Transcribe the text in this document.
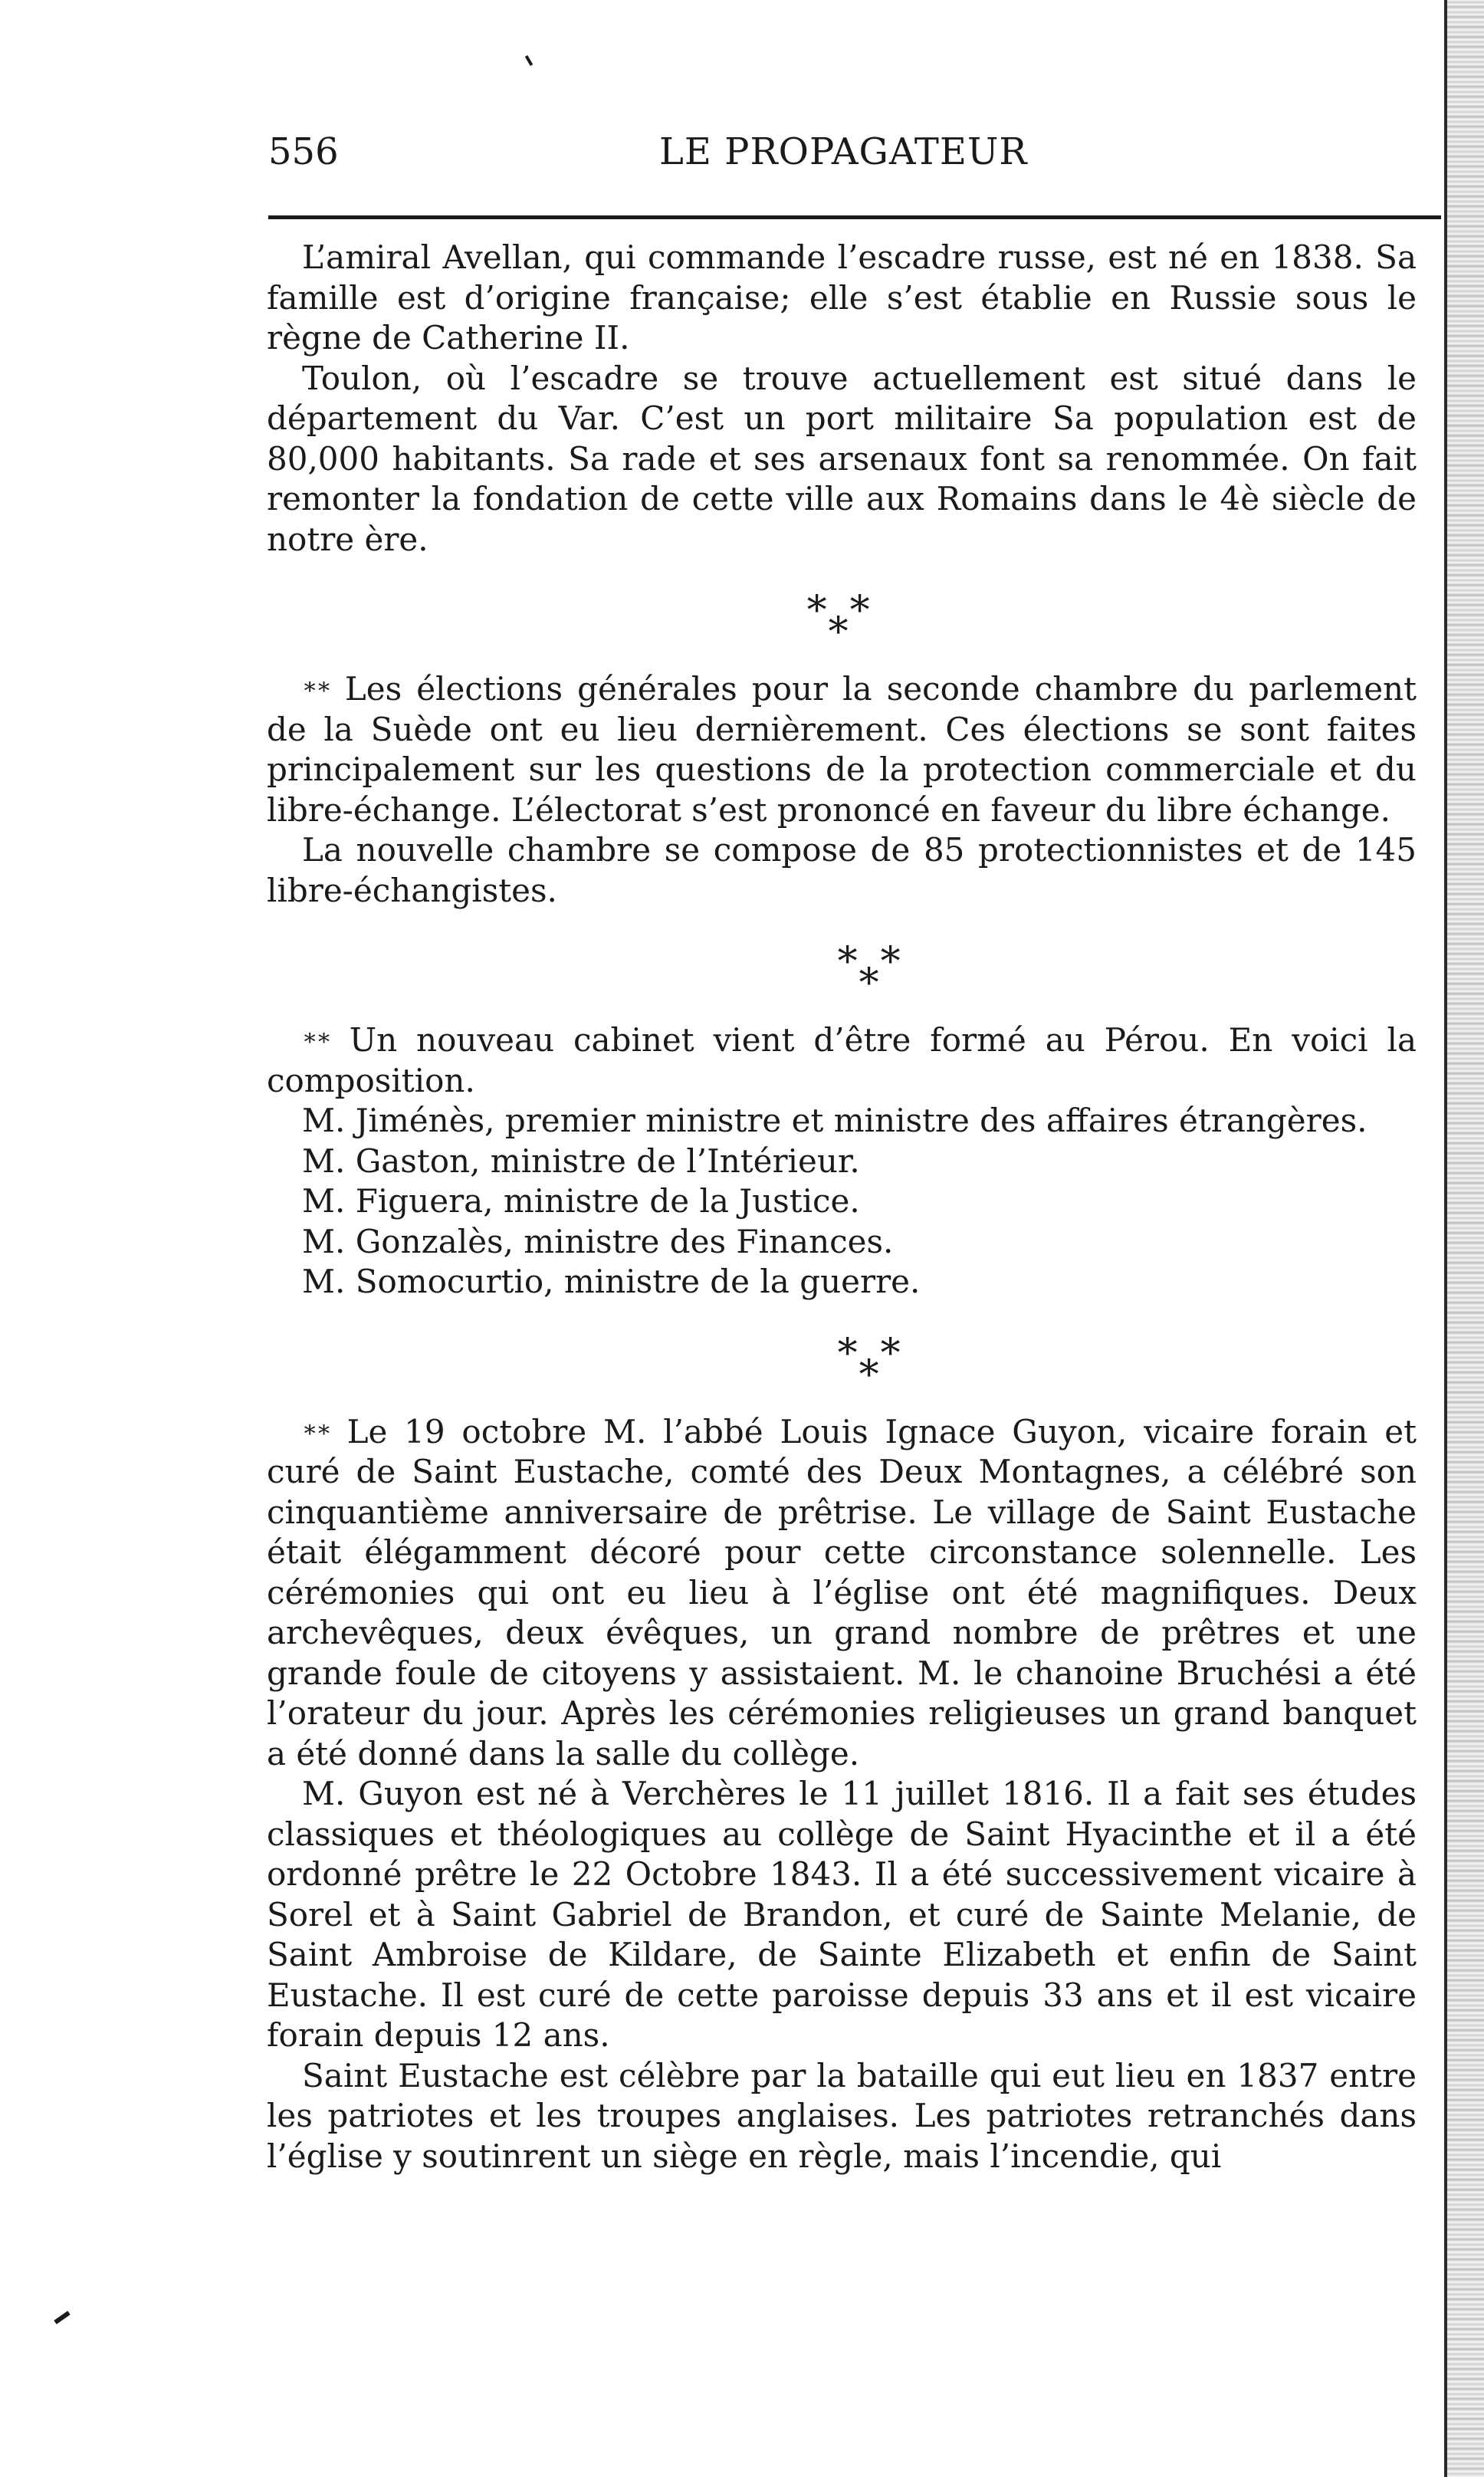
556	LE PROPAGATEUR

L’amiral Avellan, qui commande l’escadre russe, est né en 1838. Sa famille est d’origine française; elle s’est établie en Russie sous le règne de Catherine II.

Toulon, où l’escadre se trouve actuellement est situé dans le département du Var. C’est un port militaire Sa population est de 80,000 habitants. Sa rade et ses arsenaux font sa renommée. On fait remonter la fondation de cette ville aux Romains dans le 4è siècle de notre ère.

∗ ∗
∗

∗∗ Les élections générales pour la seconde chambre du parlement de la Suède ont eu lieu dernièrement. Ces élections se sont faites principalement sur les questions de la protection commerciale et du libre-échange. L’électorat s’est prononcé en faveur du libre échange.

La nouvelle chambre se compose de 85 protectionnistes et de 145 libre-échangistes.

∗ ∗
∗

∗∗ Un nouveau cabinet vient d’être formé au Pérou. En voici la composition.

M. Jiménès, premier ministre et ministre des affaires étrangères.

M. Gaston, ministre de l’Intérieur.

M. Figuera, ministre de la Justice.

M. Gonzalès, ministre des Finances.

M. Somocurtio, ministre de la guerre.

∗ ∗
∗

∗∗ Le 19 octobre M. l’abbé Louis Ignace Guyon, vicaire forain et curé de Saint Eustache, comté des Deux Montagnes, a célébré son cinquantième anniversaire de prêtrise. Le village de Saint Eustache était élégamment décoré pour cette circonstance solennelle. Les cérémonies qui ont eu lieu à l’église ont été magnifiques. Deux archevêques, deux évêques, un grand nombre de prêtres et une grande foule de citoyens y assistaient. M. le chanoine Bruchési a été l’orateur du jour. Après les cérémonies religieuses un grand banquet a été donné dans la salle du collège.

M. Guyon est né à Verchères le 11 juillet 1816. Il a fait ses études classiques et théologiques au collège de Saint Hyacinthe et il a été ordonné prêtre le 22 Octobre 1843. Il a été successivement vicaire à Sorel et à Saint Gabriel de Brandon, et curé de Sainte Melanie, de Saint Ambroise de Kildare, de Sainte Elizabeth et enfin de Saint Eustache. Il est curé de cette paroisse depuis 33 ans et il est vicaire forain depuis 12 ans.

Saint Eustache est célèbre par la bataille qui eut lieu en 1837 entre les patriotes et les troupes anglaises. Les patriotes retranchés dans l’église y soutinrent un siège en règle, mais l’incendie, qui
